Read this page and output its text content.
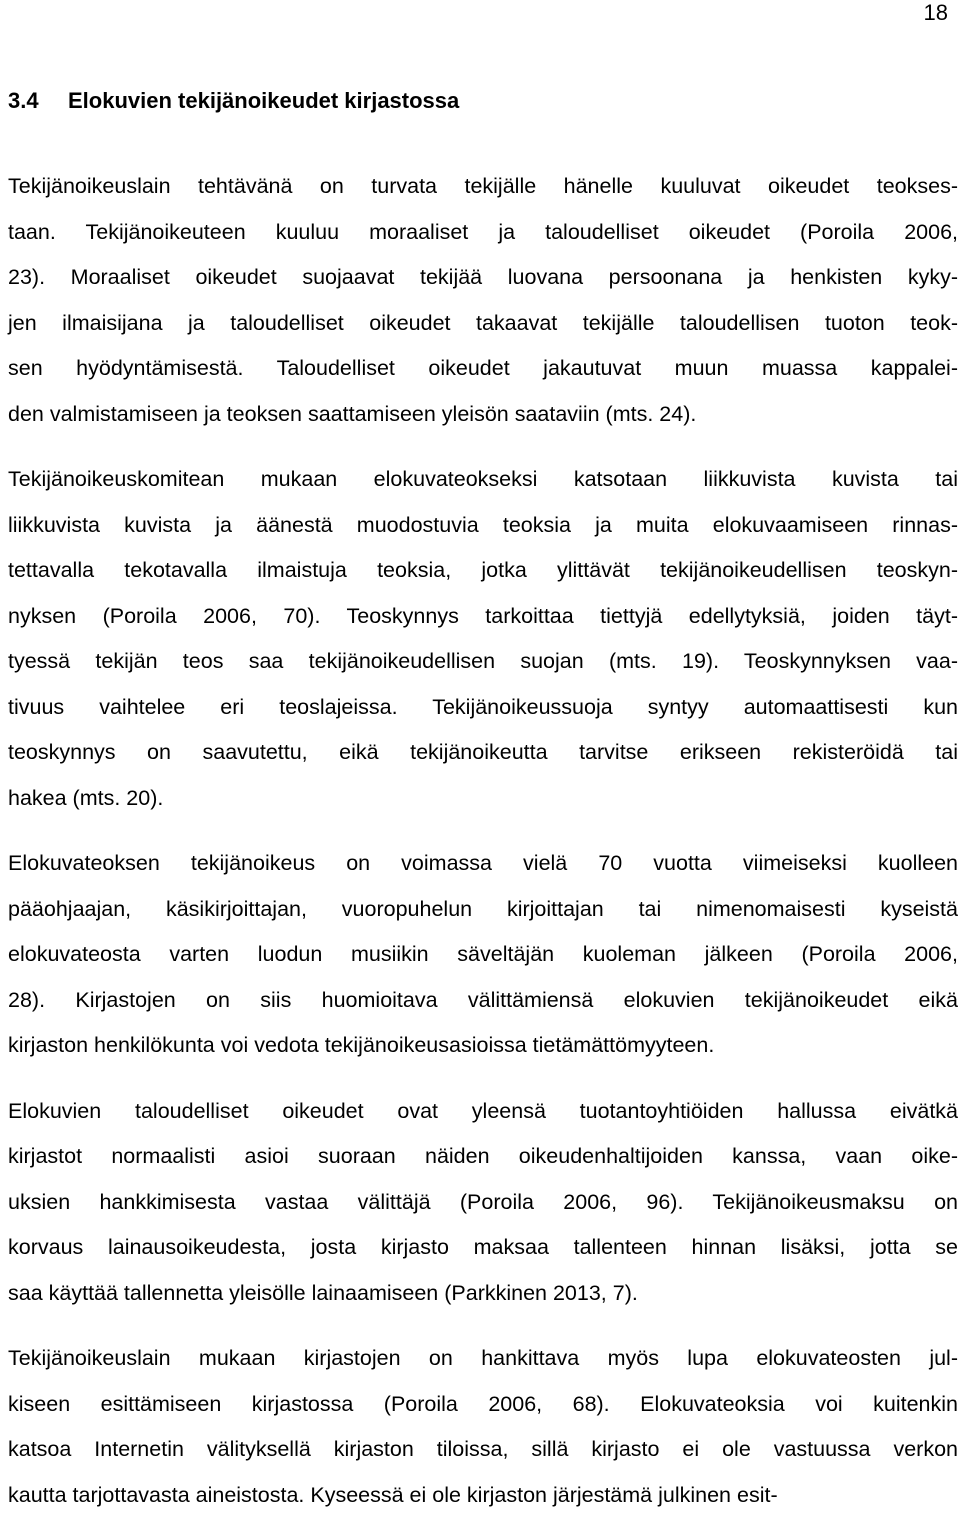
18
3.4 Elokuvien tekijänoikeudet kirjastossa
Tekijänoikeuslain tehtävänä on turvata tekijälle hänelle kuuluvat oikeudet teokses-
taan. Tekijänoikeuteen kuuluu moraaliset ja taloudelliset oikeudet (Poroila 2006,
23). Moraaliset oikeudet suojaavat tekijää luovana persoonana ja henkisten kyky-
jen ilmaisijana ja taloudelliset oikeudet takaavat tekijälle taloudellisen tuoton teok-
sen hyödyntämisestä. Taloudelliset oikeudet jakautuvat muun muassa kappalei-
den valmistamiseen ja teoksen saattamiseen yleisön saataviin (mts. 24).
Tekijänoikeuskomitean mukaan elokuvateokseksi katsotaan liikkuvista kuvista tai
liikkuvista kuvista ja äänestä muodostuvia teoksia ja muita elokuvaamiseen rinnas-
tettavalla tekotavalla ilmaistuja teoksia, jotka ylittävät tekijänoikeudellisen teoskyn-
nyksen (Poroila 2006, 70). Teoskynnys tarkoittaa tiettyjä edellytyksiä, joiden täyt-
tyessä tekijän teos saa tekijänoikeudellisen suojan (mts. 19). Teoskynnyksen vaa-
tivuus vaihtelee eri teoslajeissa. Tekijänoikeussuoja syntyy automaattisesti kun
teoskynnys on saavutettu, eikä tekijänoikeutta tarvitse erikseen rekisteröidä tai
hakea (mts. 20).
Elokuvateoksen tekijänoikeus on voimassa vielä 70 vuotta viimeiseksi kuolleen
pääohjaajan, käsikirjoittajan, vuoropuhelun kirjoittajan tai nimenomaisesti kyseistä
elokuvateosta varten luodun musiikin säveltäjän kuoleman jälkeen (Poroila 2006,
28). Kirjastojen on siis huomioitava välittämiensä elokuvien tekijänoikeudet eikä
kirjaston henkilökunta voi vedota tekijänoikeusasioissa tietämättömyyteen.
Elokuvien taloudelliset oikeudet ovat yleensä tuotantoyhtiöiden hallussa eivätkä
kirjastot normaalisti asioi suoraan näiden oikeudenhaltijoiden kanssa, vaan oike-
uksien hankkimisesta vastaa välittäjä (Poroila 2006, 96). Tekijänoikeusmaksu on
korvaus lainausoikeudesta, josta kirjasto maksaa tallenteen hinnan lisäksi, jotta se
saa käyttää tallennetta yleisölle lainaamiseen (Parkkinen 2013, 7).
Tekijänoikeuslain mukaan kirjastojen on hankittava myös lupa elokuvateosten jul-
kiseen esittämiseen kirjastossa (Poroila 2006, 68). Elokuvateoksia voi kuitenkin
katsoa Internetin välityksellä kirjaston tiloissa, sillä kirjasto ei ole vastuussa verkon
kautta tarjottavasta aineistosta. Kyseessä ei ole kirjaston järjestämä julkinen esit-
